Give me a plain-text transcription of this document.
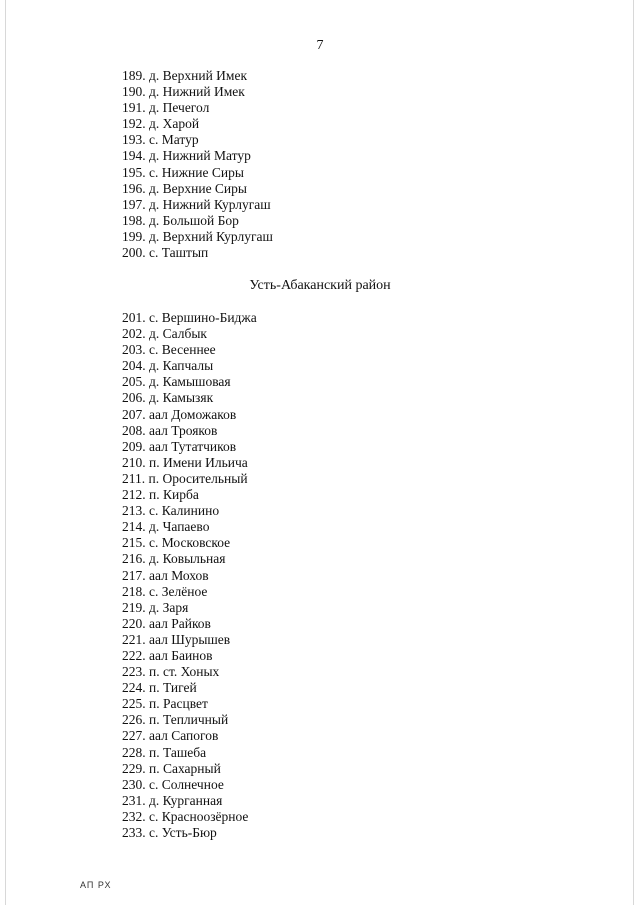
7
189. д. Верхний Имек
190. д. Нижний Имек
191. д. Печегол
192. д. Харой
193. с. Матур
194. д. Нижний Матур
195. с. Нижние Сиры
196. д. Верхние Сиры
197. д. Нижний Курлугаш
198. д. Большой Бор
199. д. Верхний Курлугаш
200. с. Таштып
Усть-Абаканский район
201. с. Вершино-Биджа
202. д. Салбык
203. с. Весеннее
204. д. Капчалы
205. д. Камышовая
206. д. Камызяк
207. аал Доможаков
208. аал Трояков
209. аал Тутатчиков
210. п. Имени Ильича
211. п. Оросительный
212. п. Кирба
213. с. Калинино
214. д. Чапаево
215. с. Московское
216. д. Ковыльная
217. аал Мохов
218. с. Зелёное
219. д. Заря
220. аал Райков
221. аал Шурышев
222. аал Баинов
223. п. ст. Хоных
224. п. Тигей
225. п. Расцвет
226. п. Тепличный
227. аал Сапогов
228. п. Ташеба
229. п. Сахарный
230. с. Солнечное
231. д. Курганная
232. с. Красноозёрное
233. с. Усть-Бюр
АП РХ
